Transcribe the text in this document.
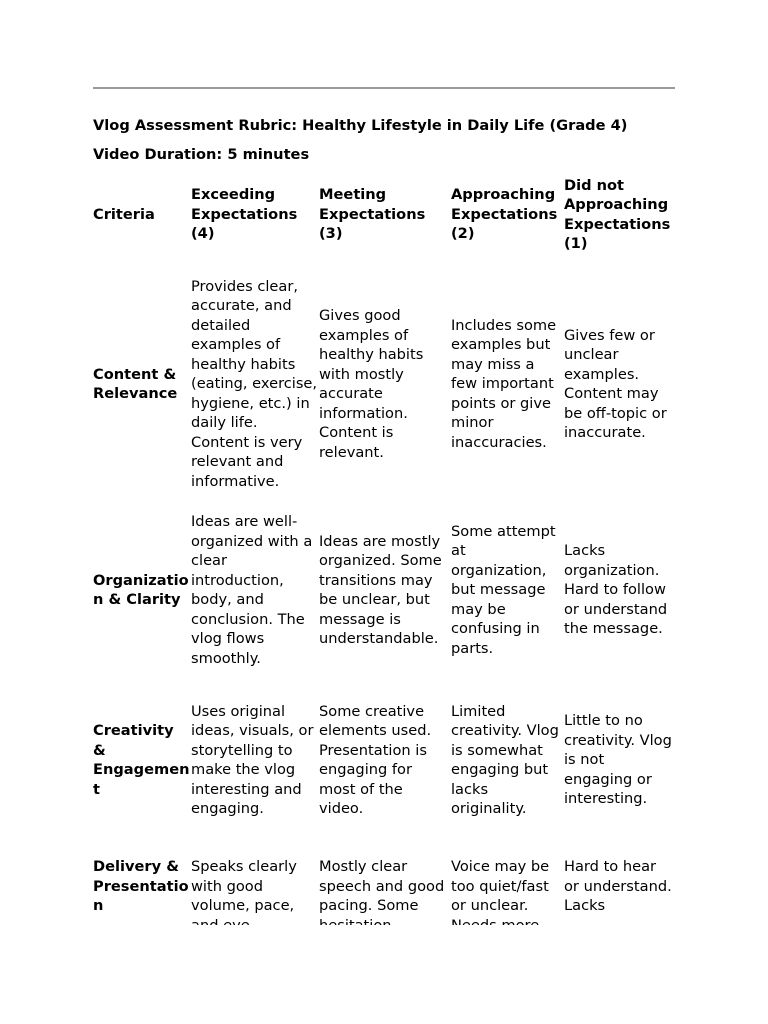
Vlog Assessment Rubric: Healthy Lifestyle in Daily Life (Grade 4)
Video Duration: 5 minutes
Criteria	Exceeding Expectations (4)	Meeting Expectations (3)	Approaching Expectations (2)	Did not Approaching Expectations (1)
Content & Relevance	Provides clear, accurate, and detailed examples of healthy habits (eating, exercise, hygiene, etc.) in daily life. Content is very relevant and informative.	Gives good examples of healthy habits with mostly accurate information. Content is relevant.	Includes some examples but may miss a few important points or give minor inaccuracies.	Gives few or unclear examples. Content may be off-topic or inaccurate.
Organization & Clarity	Ideas are well-organized with a clear introduction, body, and conclusion. The vlog flows smoothly.	Ideas are mostly organized. Some transitions may be unclear, but message is understandable.	Some attempt at organization, but message may be confusing in parts.	Lacks organization. Hard to follow or understand the message.
Creativity & Engagement	Uses original ideas, visuals, or storytelling to make the vlog interesting and engaging.	Some creative elements used. Presentation is engaging for most of the video.	Limited creativity. Vlog is somewhat engaging but lacks originality.	Little to no creativity. Vlog is not engaging or interesting.
Delivery & Presentation	Speaks clearly with good volume, pace,	Mostly clear speech and good pacing. Some	Voice may be too quiet/fast or unclear.	Hard to hear or understand. Lacks
